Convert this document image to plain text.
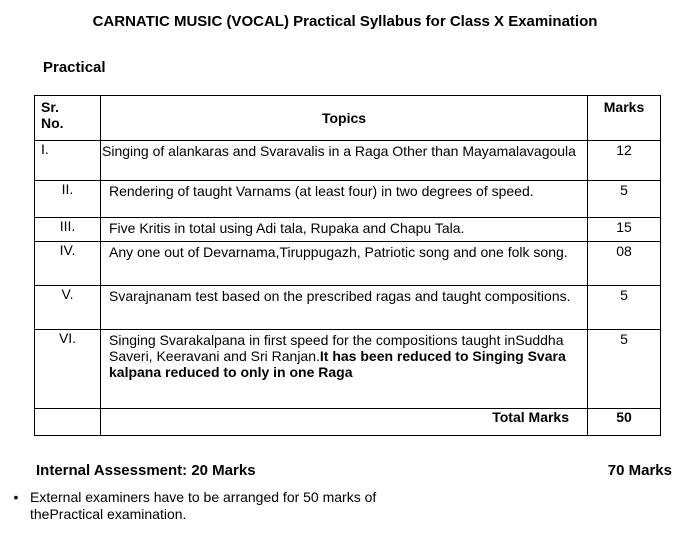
CARNATIC MUSIC (VOCAL) Practical Syllabus for Class X Examination
Practical
Sr.
No.	Topics	Marks
I.	Singing of alankaras and Svaravalis in a Raga Other than Mayamalavagoula	12
II.	Rendering of taught Varnams (at least four) in two degrees of speed.	5
III.	Five Kritis in total using Adi tala, Rupaka and Chapu Tala.	15
IV.	Any one out of Devarnama,Tiruppugazh, Patriotic song and one folk song.	08
V.	Svarajnanam test based on the prescribed ragas and taught compositions.	5
VI.	Singing Svarakalpana in first speed for the compositions taught inSuddha Saveri, Keeravani and Sri Ranjan.It has been reduced to Singing Svara kalpana reduced to only in one Raga	5
	Total Marks	50
Internal Assessment: 20 Marks	70 Marks
• External examiners have to be arranged for 50 marks of thePractical examination.
